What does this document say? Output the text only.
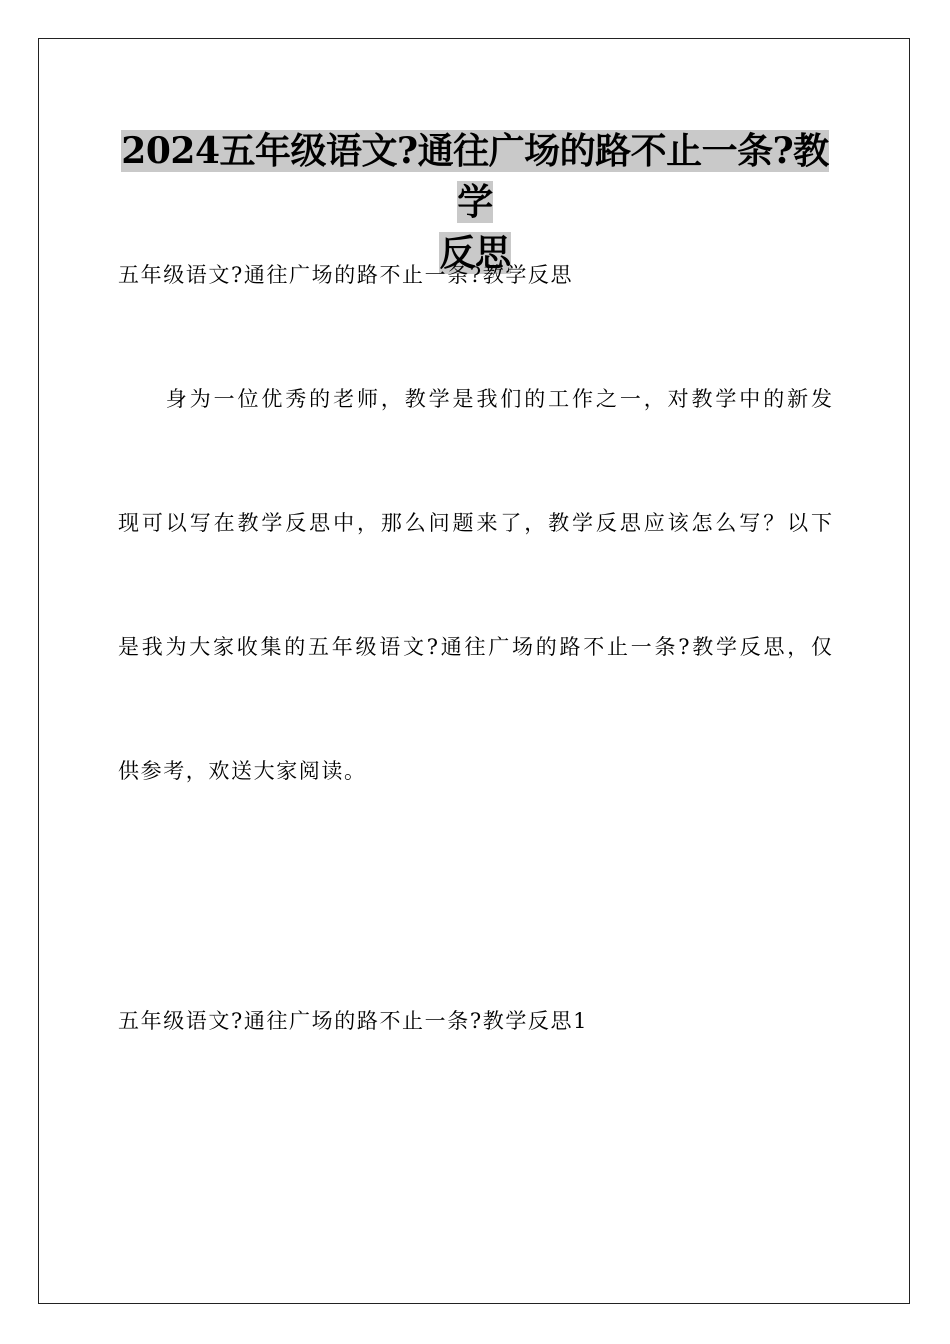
2024五年级语文?通往广场的路不止一条?教学
反思
五年级语文?通往广场的路不止一条?教学反思
　　身为一位优秀的老师，教学是我们的工作之一，对教学中的新发
现可以写在教学反思中，那么问题来了，教学反思应该怎么写？以下
是我为大家收集的五年级语文?通往广场的路不止一条?教学反思，仅
供参考，欢送大家阅读。
五年级语文?通往广场的路不止一条?教学反思1
